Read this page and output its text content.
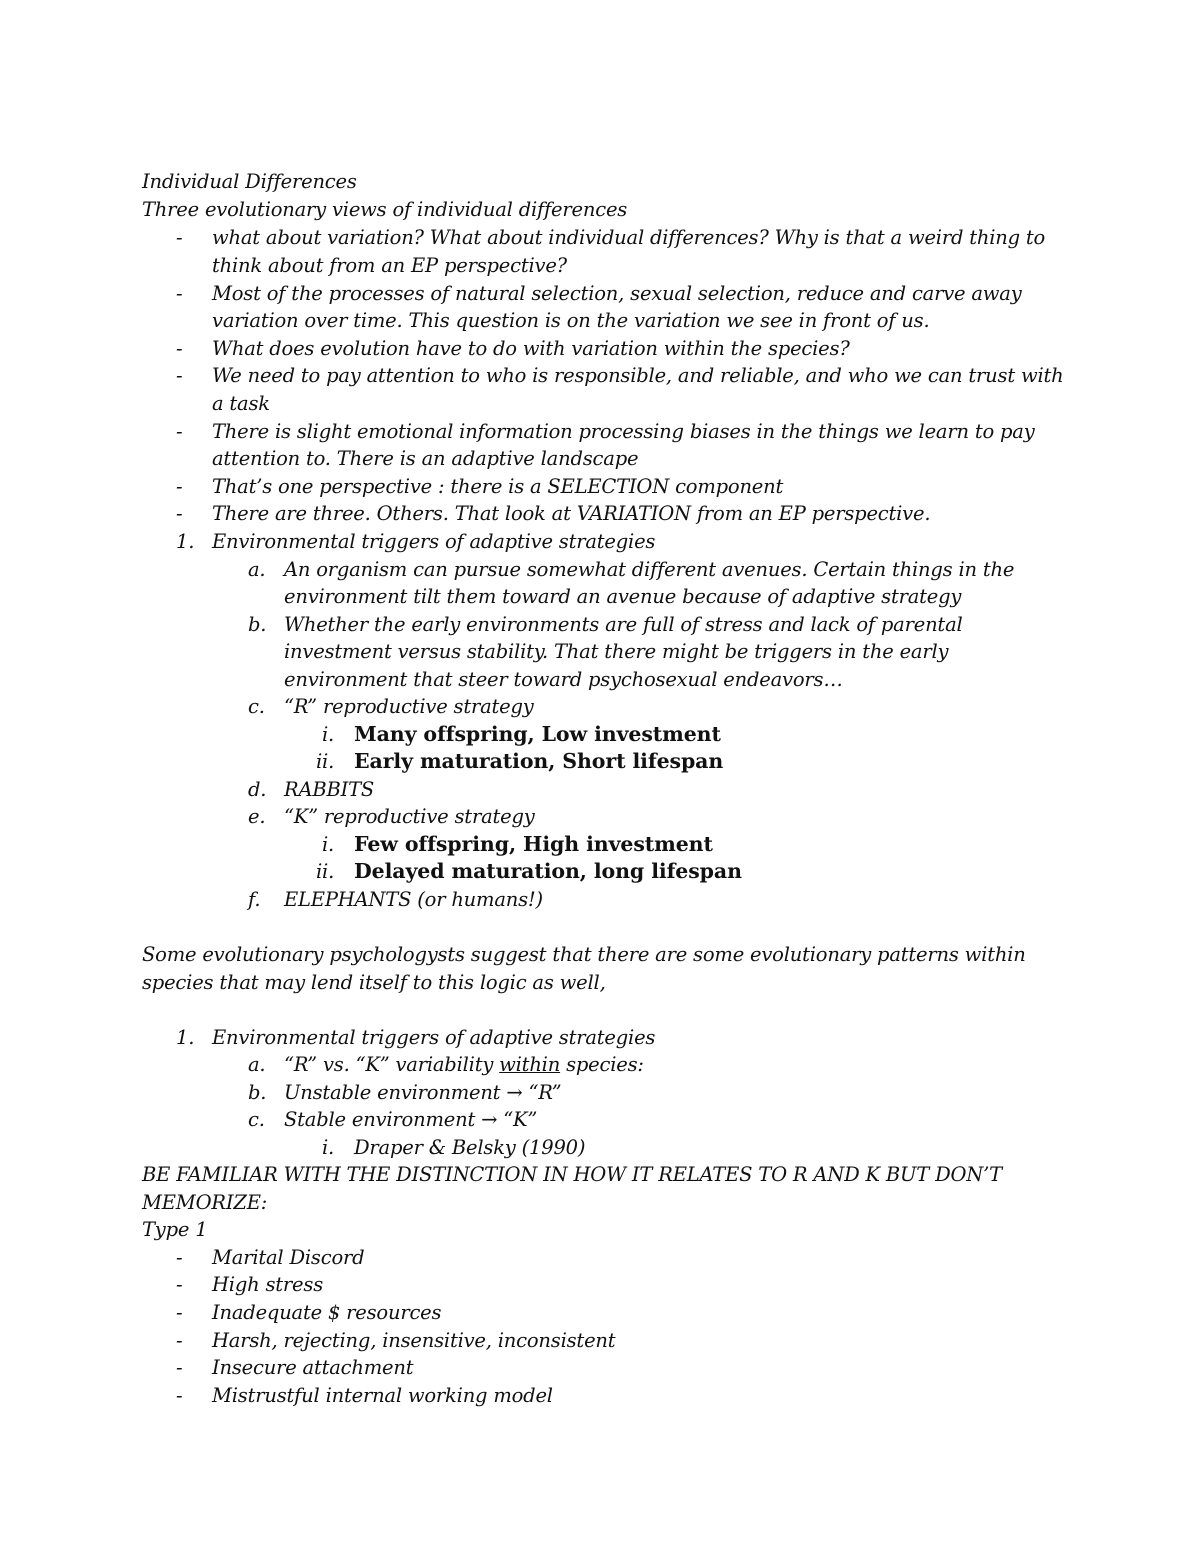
Individual Differences
Three evolutionary views of individual differences
- what about variation? What about individual differences? Why is that a weird thing to
think about from an EP perspective?
- Most of the processes of natural selection, sexual selection, reduce and carve away
variation over time. This question is on the variation we see in front of us.
- What does evolution have to do with variation within the species?
- We need to pay attention to who is responsible, and reliable, and who we can trust with
a task
- There is slight emotional information processing biases in the things we learn to pay
attention to. There is an adaptive landscape
- That’s one perspective : there is a SELECTION component
- There are three. Others. That look at VARIATION from an EP perspective.
1. Environmental triggers of adaptive strategies
a. An organism can pursue somewhat different avenues. Certain things in the
environment tilt them toward an avenue because of adaptive strategy
b. Whether the early environments are full of stress and lack of parental
investment versus stability. That there might be triggers in the early
environment that steer toward psychosexual endeavors…
c. “R” reproductive strategy
i. Many offspring, Low investment
ii. Early maturation, Short lifespan
d. RABBITS
e. “K” reproductive strategy
i. Few offspring, High investment
ii. Delayed maturation, long lifespan
f. ELEPHANTS (or humans!)
Some evolutionary psychologysts suggest that there are some evolutionary patterns within
species that may lend itself to this logic as well,
1. Environmental triggers of adaptive strategies
a. “R” vs. “K” variability within species:
b. Unstable environment → “R”
c. Stable environment → “K”
i. Draper & Belsky (1990)
BE FAMILIAR WITH THE DISTINCTION IN HOW IT RELATES TO R AND K BUT DON’T
MEMORIZE:
Type 1
- Marital Discord
- High stress
- Inadequate $ resources
- Harsh, rejecting, insensitive, inconsistent
- Insecure attachment
- Mistrustful internal working model
